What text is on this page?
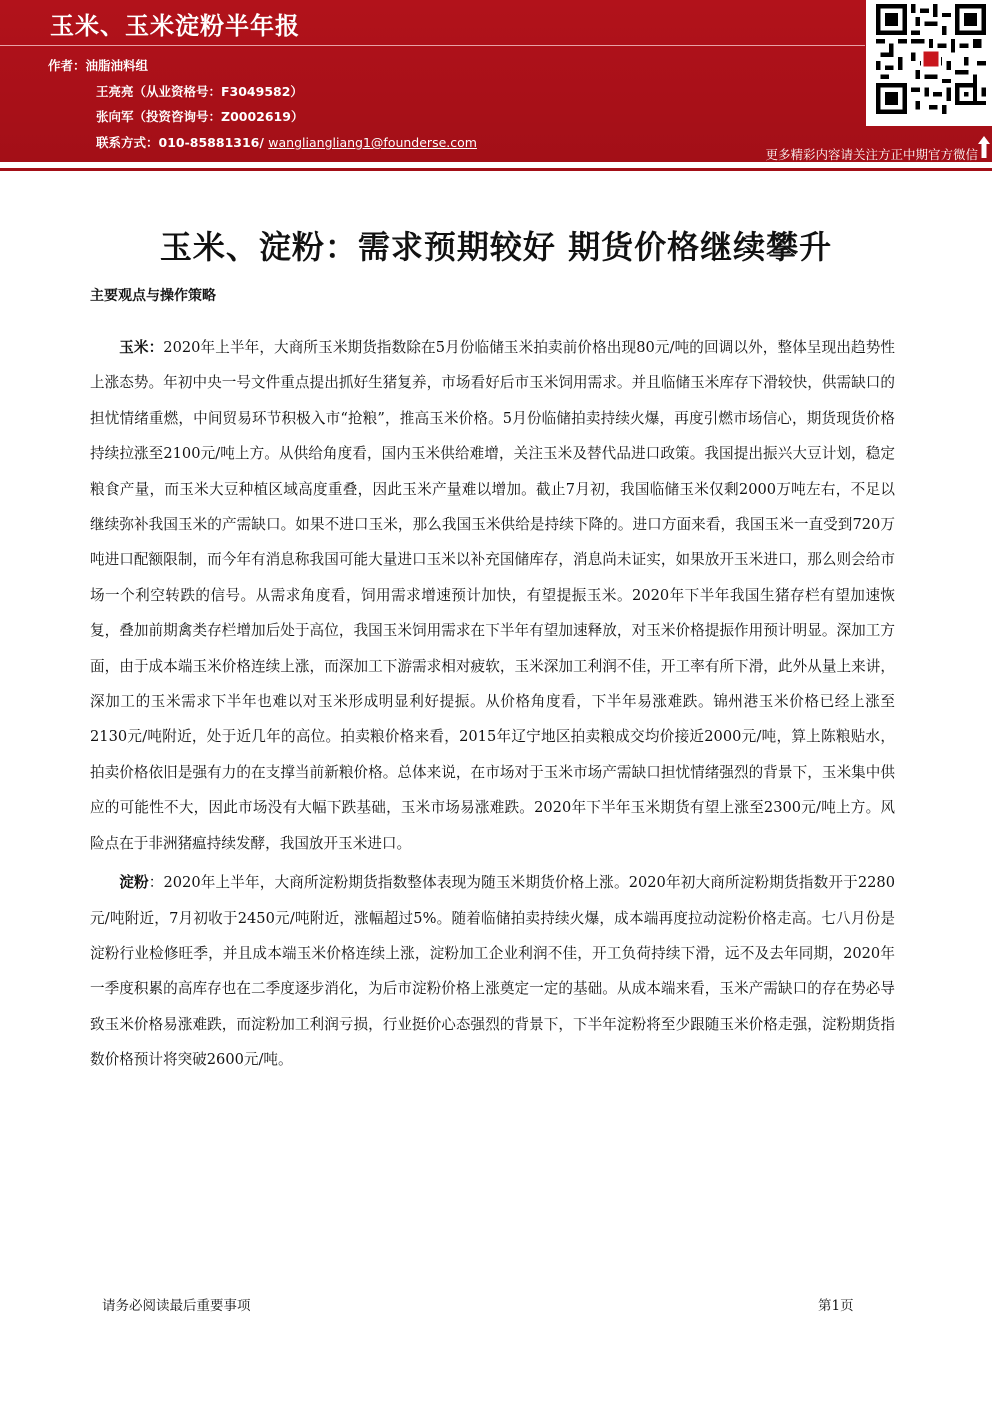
玉米、玉米淀粉半年报
作者：油脂油料组
王亮亮（从业资格号：F3049582）
张向军（投资咨询号：Z0002619）
联系方式：010-85881316/ wangliangliang1@founderse.com
更多精彩内容请关注方正中期官方微信
玉米、淀粉：需求预期较好 期货价格继续攀升
主要观点与操作策略

玉米：2020年上半年，大商所玉米期货指数除在5月份临储玉米拍卖前价格出现80元/吨的回调以外，整体呈现出趋势性上涨态势。年初中央一号文件重点提出抓好生猪复养，市场看好后市玉米饲用需求。并且临储玉米库存下滑较快，供需缺口的担忧情绪重燃，中间贸易环节积极入市“抢粮”，推高玉米价格。5月份临储拍卖持续火爆，再度引燃市场信心，期货现货价格持续拉涨至2100元/吨上方。从供给角度看，国内玉米供给难增，关注玉米及替代品进口政策。我国提出振兴大豆计划，稳定粮食产量，而玉米大豆种植区域高度重叠，因此玉米产量难以增加。截止7月初，我国临储玉米仅剩2000万吨左右，不足以继续弥补我国玉米的产需缺口。如果不进口玉米，那么我国玉米供给是持续下降的。进口方面来看，我国玉米一直受到720万吨进口配额限制，而今年有消息称我国可能大量进口玉米以补充国储库存，消息尚未证实，如果放开玉米进口，那么则会给市场一个利空转跌的信号。从需求角度看，饲用需求增速预计加快，有望提振玉米。2020年下半年我国生猪存栏有望加速恢复，叠加前期禽类存栏增加后处于高位，我国玉米饲用需求在下半年有望加速释放，对玉米价格提振作用预计明显。深加工方面，由于成本端玉米价格连续上涨，而深加工下游需求相对疲软，玉米深加工利润不佳，开工率有所下滑，此外从量上来讲，深加工的玉米需求下半年也难以对玉米形成明显利好提振。从价格角度看，下半年易涨难跌。锦州港玉米价格已经上涨至2130元/吨附近，处于近几年的高位。拍卖粮价格来看，2015年辽宁地区拍卖粮成交均价接近2000元/吨，算上陈粮贴水，拍卖价格依旧是强有力的在支撑当前新粮价格。总体来说，在市场对于玉米市场产需缺口担忧情绪强烈的背景下，玉米集中供应的可能性不大，因此市场没有大幅下跌基础，玉米市场易涨难跌。2020年下半年玉米期货有望上涨至2300元/吨上方。风险点在于非洲猪瘟持续发酵，我国放开玉米进口。

淀粉：2020年上半年，大商所淀粉期货指数整体表现为随玉米期货价格上涨。2020年初大商所淀粉期货指数开于2280元/吨附近，7月初收于2450元/吨附近，涨幅超过5%。随着临储拍卖持续火爆，成本端再度拉动淀粉价格走高。七八月份是淀粉行业检修旺季，并且成本端玉米价格连续上涨，淀粉加工企业利润不佳，开工负荷持续下滑，远不及去年同期，2020年一季度积累的高库存也在二季度逐步消化，为后市淀粉价格上涨奠定一定的基础。从成本端来看，玉米产需缺口的存在势必导致玉米价格易涨难跌，而淀粉加工利润亏损，行业挺价心态强烈的背景下，下半年淀粉将至少跟随玉米价格走强，淀粉期货指数价格预计将突破2600元/吨。

请务必阅读最后重要事项	第1页
